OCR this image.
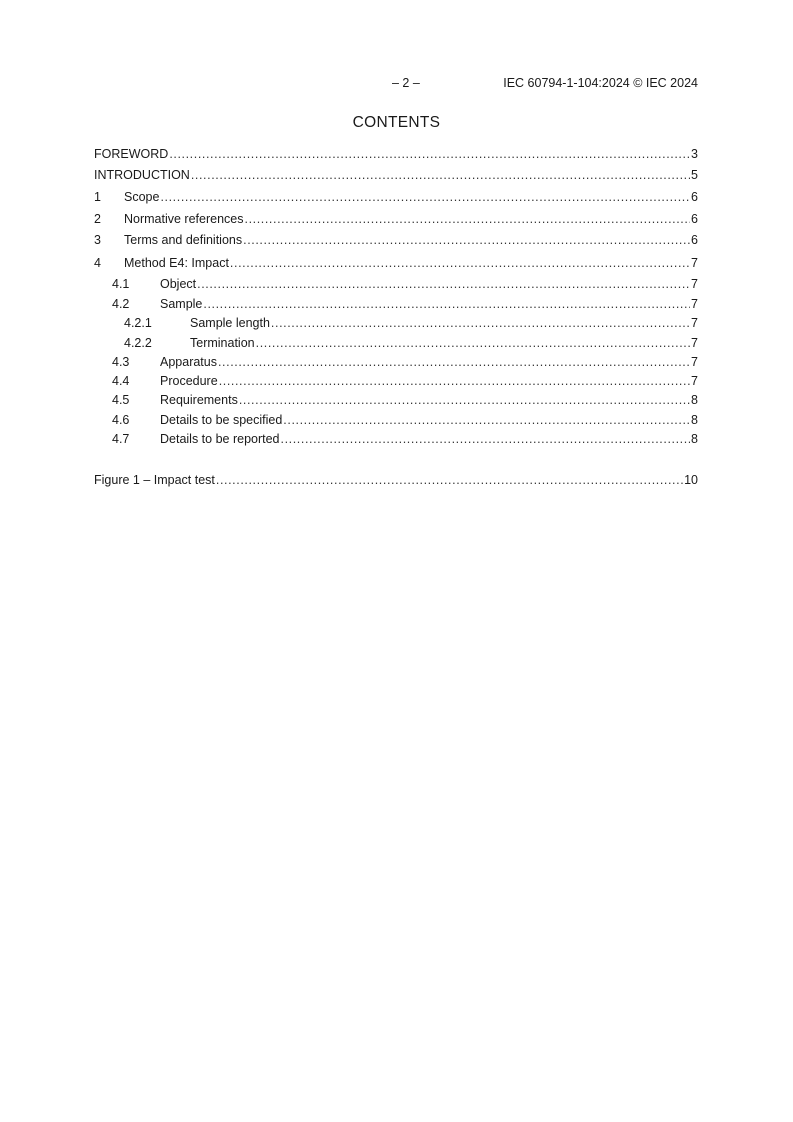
– 2 –	IEC 60794-1-104:2024 © IEC 2024
CONTENTS
FOREWORD .....	3
INTRODUCTION .....	5
1	Scope .....	6
2	Normative references .....	6
3	Terms and definitions .....	6
4	Method E4: Impact .....	7
4.1	Object .....	7
4.2	Sample .....	7
4.2.1	Sample length .....	7
4.2.2	Termination .....	7
4.3	Apparatus .....	7
4.4	Procedure .....	7
4.5	Requirements .....	8
4.6	Details to be specified .....	8
4.7	Details to be reported .....	8
Figure 1 – Impact test .....	10
